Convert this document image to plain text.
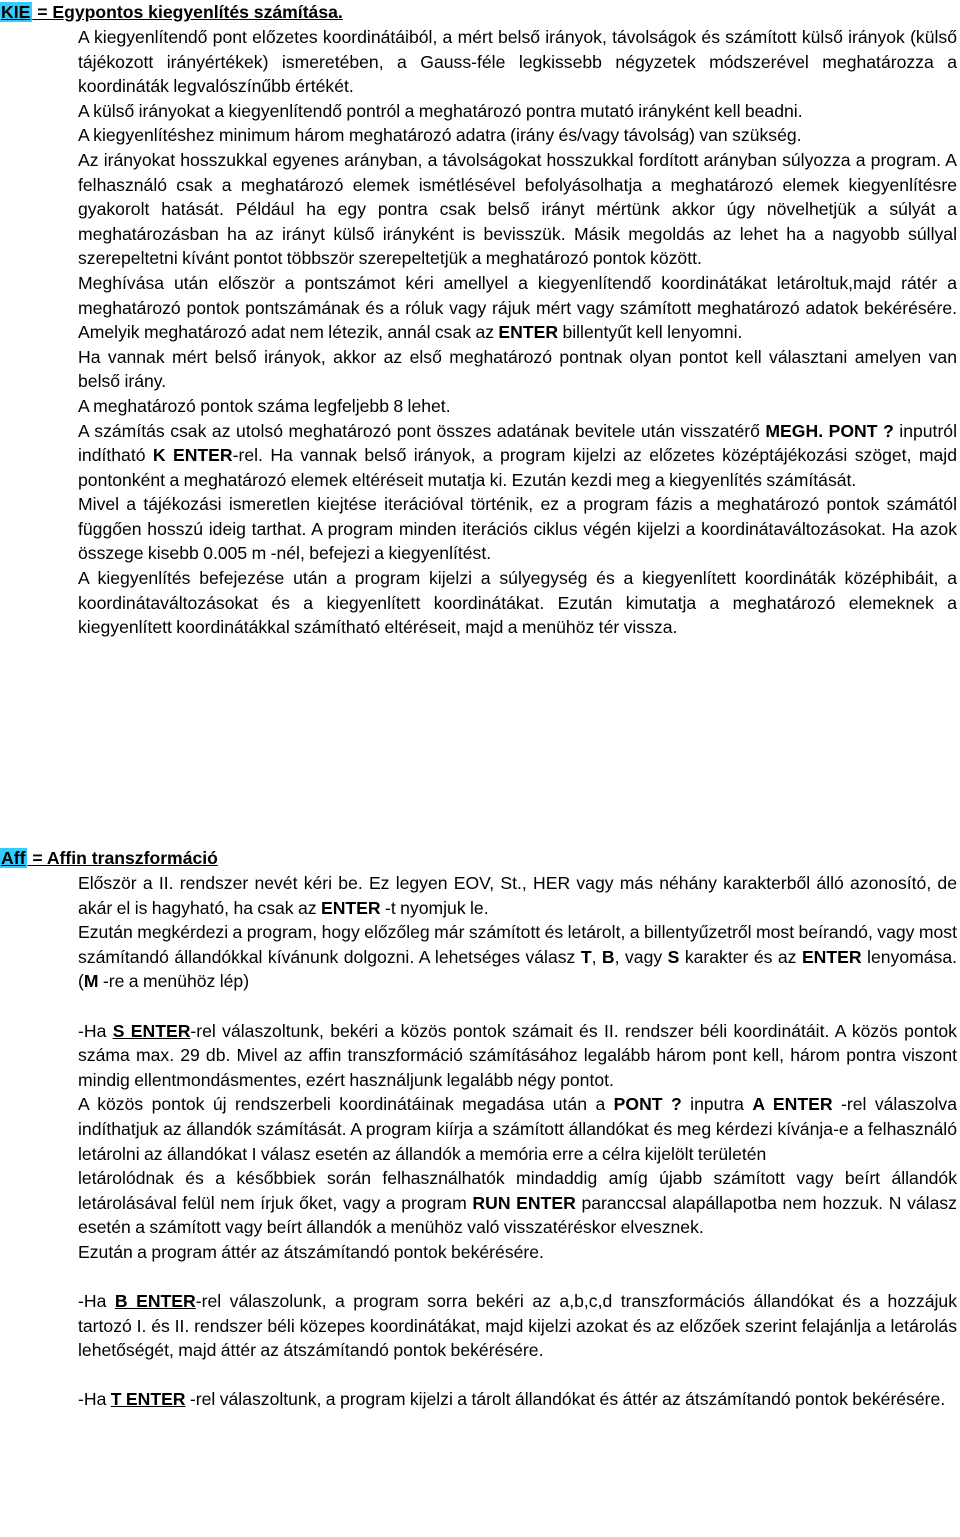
KIE = Egypontos kiegyenlítés számítása.

A kiegyenlítendő pont előzetes koordinátáiból, a mért belső irányok, távolságok és számított külső irányok (külső tájékozott irányértékek) ismeretében, a Gauss-féle legkissebb négyzetek módszerével meghatározza a koordináták legvalószínűbb értékét.

A külső irányokat a kiegyenlítendő pontról a meghatározó pontra mutató irányként kell beadni.

A kiegyenlítéshez minimum három meghatározó adatra (irány és/vagy távolság) van szükség.

Az irányokat hosszukkal egyenes arányban, a távolságokat hosszukkal fordított arányban súlyozza a program. A felhasználó csak a meghatározó elemek ismétlésével befolyásolhatja a meghatározó elemek kiegyenlítésre gyakorolt hatását. Például ha egy pontra csak belső irányt mértünk akkor úgy növelhetjük a súlyát a meghatározásban ha az irányt külső irányként is bevisszük. Másik megoldás az lehet ha a nagyobb súllyal szerepeltetni kívánt pontot többször szerepeltetjük a meghatározó pontok között.

Meghívása után először a pontszámot kéri amellyel a kiegyenlítendő koordinátákat letároltuk,majd rátér a meghatározó pontok pontszámának és a róluk vagy rájuk mért vagy számított meghatározó adatok bekérésére. Amelyik meghatározó adat nem létezik, annál csak az ENTER billentyűt kell lenyomni.

Ha vannak mért belső irányok, akkor az első meghatározó pontnak olyan pontot kell választani amelyen van belső irány.

A meghatározó pontok száma legfeljebb 8 lehet.

A számítás csak az utolsó meghatározó pont összes adatának bevitele után visszatérő MEGH. PONT ? inputról indítható K ENTER-rel. Ha vannak belső irányok, a program kijelzi az előzetes középtájékozási szöget, majd pontonként a meghatározó elemek eltéréseit mutatja ki. Ezután kezdi meg a kiegyenlítés számítását.

Mivel a tájékozási ismeretlen kiejtése iterációval történik, ez a program fázis a meghatározó pontok számától függően hosszú ideig tarthat. A program minden iterációs ciklus végén kijelzi a koordinátaváltozásokat. Ha azok összege kisebb 0.005 m -nél, befejezi a kiegyenlítést.

A kiegyenlítés befejezése után a program kijelzi a súlyegység és a kiegyenlített koordináták középhibáit, a koordinátaváltozásokat és a kiegyenlített koordinátákat. Ezután kimutatja a meghatározó elemeknek a kiegyenlített koordinátákkal számítható eltéréseit, majd a menühöz tér vissza.

Aff = Affin transzformáció

Először a II. rendszer nevét kéri be. Ez legyen EOV, St., HER vagy más néhány karakterből álló azonosító, de akár el is hagyható, ha csak az ENTER -t nyomjuk le.

Ezután megkérdezi a program, hogy előzőleg már számított és letárolt, a billentyűzetről most beírandó, vagy most számítandó állandókkal kívánunk dolgozni. A lehetséges válasz T, B, vagy S karakter és az ENTER lenyomása. (M -re a menühöz lép)

-Ha S ENTER-rel válaszoltunk, bekéri a közös pontok számait és II. rendszer béli koordinátáit. A közös pontok száma max. 29 db. Mivel az affin transzformáció számításához legalább három pont kell, három pontra viszont mindig ellentmondásmentes, ezért használjunk legalább négy pontot.

A közös pontok új rendszerbeli koordinátáinak megadása után a PONT ? inputra A ENTER -rel válaszolva indíthatjuk az állandók számítását. A program kiírja a számított állandókat és meg kérdezi kívánja-e a felhasználó letárolni az állandókat I válasz esetén az állandók a memória erre a célra kijelölt területén

letárolódnak és a későbbiek során felhasználhatók mindaddig amíg újabb számított vagy beírt állandók letárolásával felül nem írjuk őket, vagy a program RUN ENTER paranccsal alapállapotba nem hozzuk. N válasz esetén a számított vagy beírt állandók a menühöz való visszatéréskor elvesznek.

Ezután a program áttér az átszámítandó pontok bekérésére.

-Ha B ENTER-rel válaszolunk, a program sorra bekéri az a,b,c,d transzformációs állandókat és a hozzájuk tartozó I. és II. rendszer béli közepes koordinátákat, majd kijelzi azokat és az előzőek szerint felajánlja a letárolás lehetőségét, majd áttér az átszámítandó pontok bekérésére.

-Ha T ENTER -rel válaszoltunk, a program kijelzi a tárolt állandókat és áttér az átszámítandó pontok bekérésére.
